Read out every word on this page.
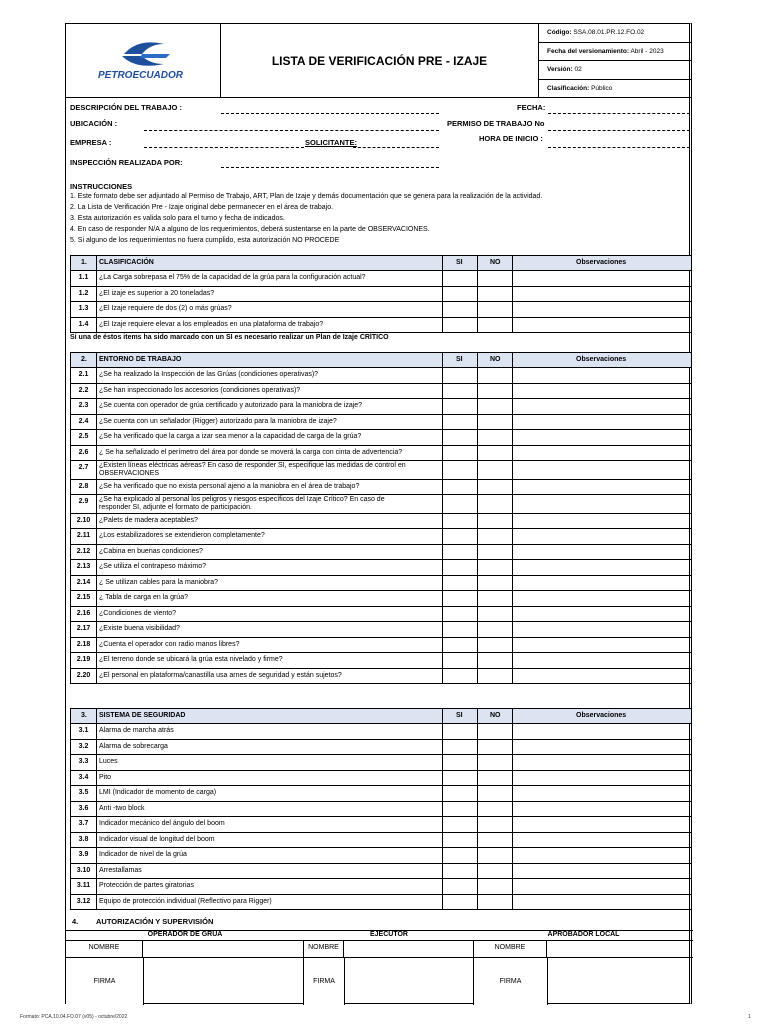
PETROECUADOR
LISTA DE VERIFICACIÓN PRE - IZAJE
Código: SSA.08.01.PR.12.FO.02
Fecha del versionamiento: Abril - 2023
Versión: 02
Clasificación: Público
DESCRIPCIÓN DEL TRABAJO :	FECHA:
UBICACIÓN :	PERMISO DE TRABAJO No
EMPRESA :	SOLICITANTE:	HORA DE INICIO :
INSPECCIÓN REALIZADA POR:
INSTRUCCIONES
1. Este formato debe ser adjuntado al Permiso de Trabajo, ART, Plan de Izaje y demás documentación que se genera para la realización de la actividad.
2. La Lista de Verificación Pre - Izaje original debe permanecer en el área de trabajo.
3. Esta autorización es valida solo para el turno y fecha de indicados.
4. En caso de responder N/A a alguno de los requerimientos, deberá sustentarse en la parte de OBSERVACIONES.
5. Si alguno de los requerimientos no fuera cumplido, esta autorización NO PROCEDE
1. CLASIFICACIÓN	SI	NO	Observaciones
1.1	¿La Carga sobrepasa el 75% de la capacidad de la grúa para la configuración actual?
1.2	¿El izaje es superior a 20 toneladas?
1.3	¿El Izaje requiere de dos (2) o más grúas?
1.4	¿El Izaje requiere elevar a los empleados en una plataforma de trabajo?
Si una de éstos items ha sido marcado con un SI es necesario realizar un Plan de Izaje CRÍTICO
2. ENTORNO DE TRABAJO	SI	NO	Observaciones
2.1	¿Se ha realizado la Inspección de las Grúas (condiciones operativas)?
2.2	¿Se han inspeccionado los accesorios (condiciones operativas)?
2.3	¿Se cuenta con operador de grúa certificado y autorizado para la maniobra de izaje?
2.4	¿Se cuenta con un señalador (Rigger) autorizado para la maniobra de izaje?
2.5	¿Se ha verificado que la carga a izar sea menor a la capacidad de carga de la grúa?
2.6	¿ Se ha señalizado el perímetro del área por donde se moverá la carga con cinta de advertencia?
2.7	¿Existen líneas eléctricas aéreas? En caso de responder SI, especifique las medidas de control en
OBSERVACIONES
2.8	¿Se ha verificado que no exista personal ajeno a la maniobra en el área de trabajo?
2.9	¿Se ha explicado al personal los peligros y riesgos específicos del Izaje Crítico? En caso de
responder SI, adjunte el formato de participación.
2.10	¿Palets de madera aceptables?
2.11	¿Los estabilizadores se extendieron completamente?
2.12	¿Cabina en buenas condiciones?
2.13	¿Se utiliza el contrapeso máximo?
2.14	¿ Se utilizan cables para la maniobra?
2.15	¿ Tabla de carga en la grúa?
2.16	¿Condiciones de viento?
2.17	¿Existe buena visibilidad?
2.18	¿Cuenta el operador con radio manos libres?
2.19	¿El terreno donde se ubicará la grúa esta nivelado y firme?
2.20	¿El personal en plataforma/canastilla usa arnes de seguridad y están sujetos?
3. SISTEMA DE SEGURIDAD	SI	NO	Observaciones
3.1	Alarma de marcha atrás
3.2	Alarma de sobrecarga
3.3	Luces
3.4	Pito
3.5	LMI (Indicador de momento de carga)
3.6	Anti -two block
3.7	Indicador mecánico del ángulo del boom
3.8	Indicador visual de longitud del boom
3.9	Indicador de nivel de la grúa
3.10	Arrestallamas
3.11	Protección de partes giratorias
3.12	Equipo de protección individual (Reflectivo para Rigger)
4. AUTORIZACIÓN Y SUPERVISIÓN
OPERADOR DE GRUA	EJECUTOR	APROBADOR LOCAL
NOMBRE	NOMBRE	NOMBRE
FIRMA	FIRMA	FIRMA
Formato: PCA.10.04.FO.07 (v05) - octubre/2022	1
